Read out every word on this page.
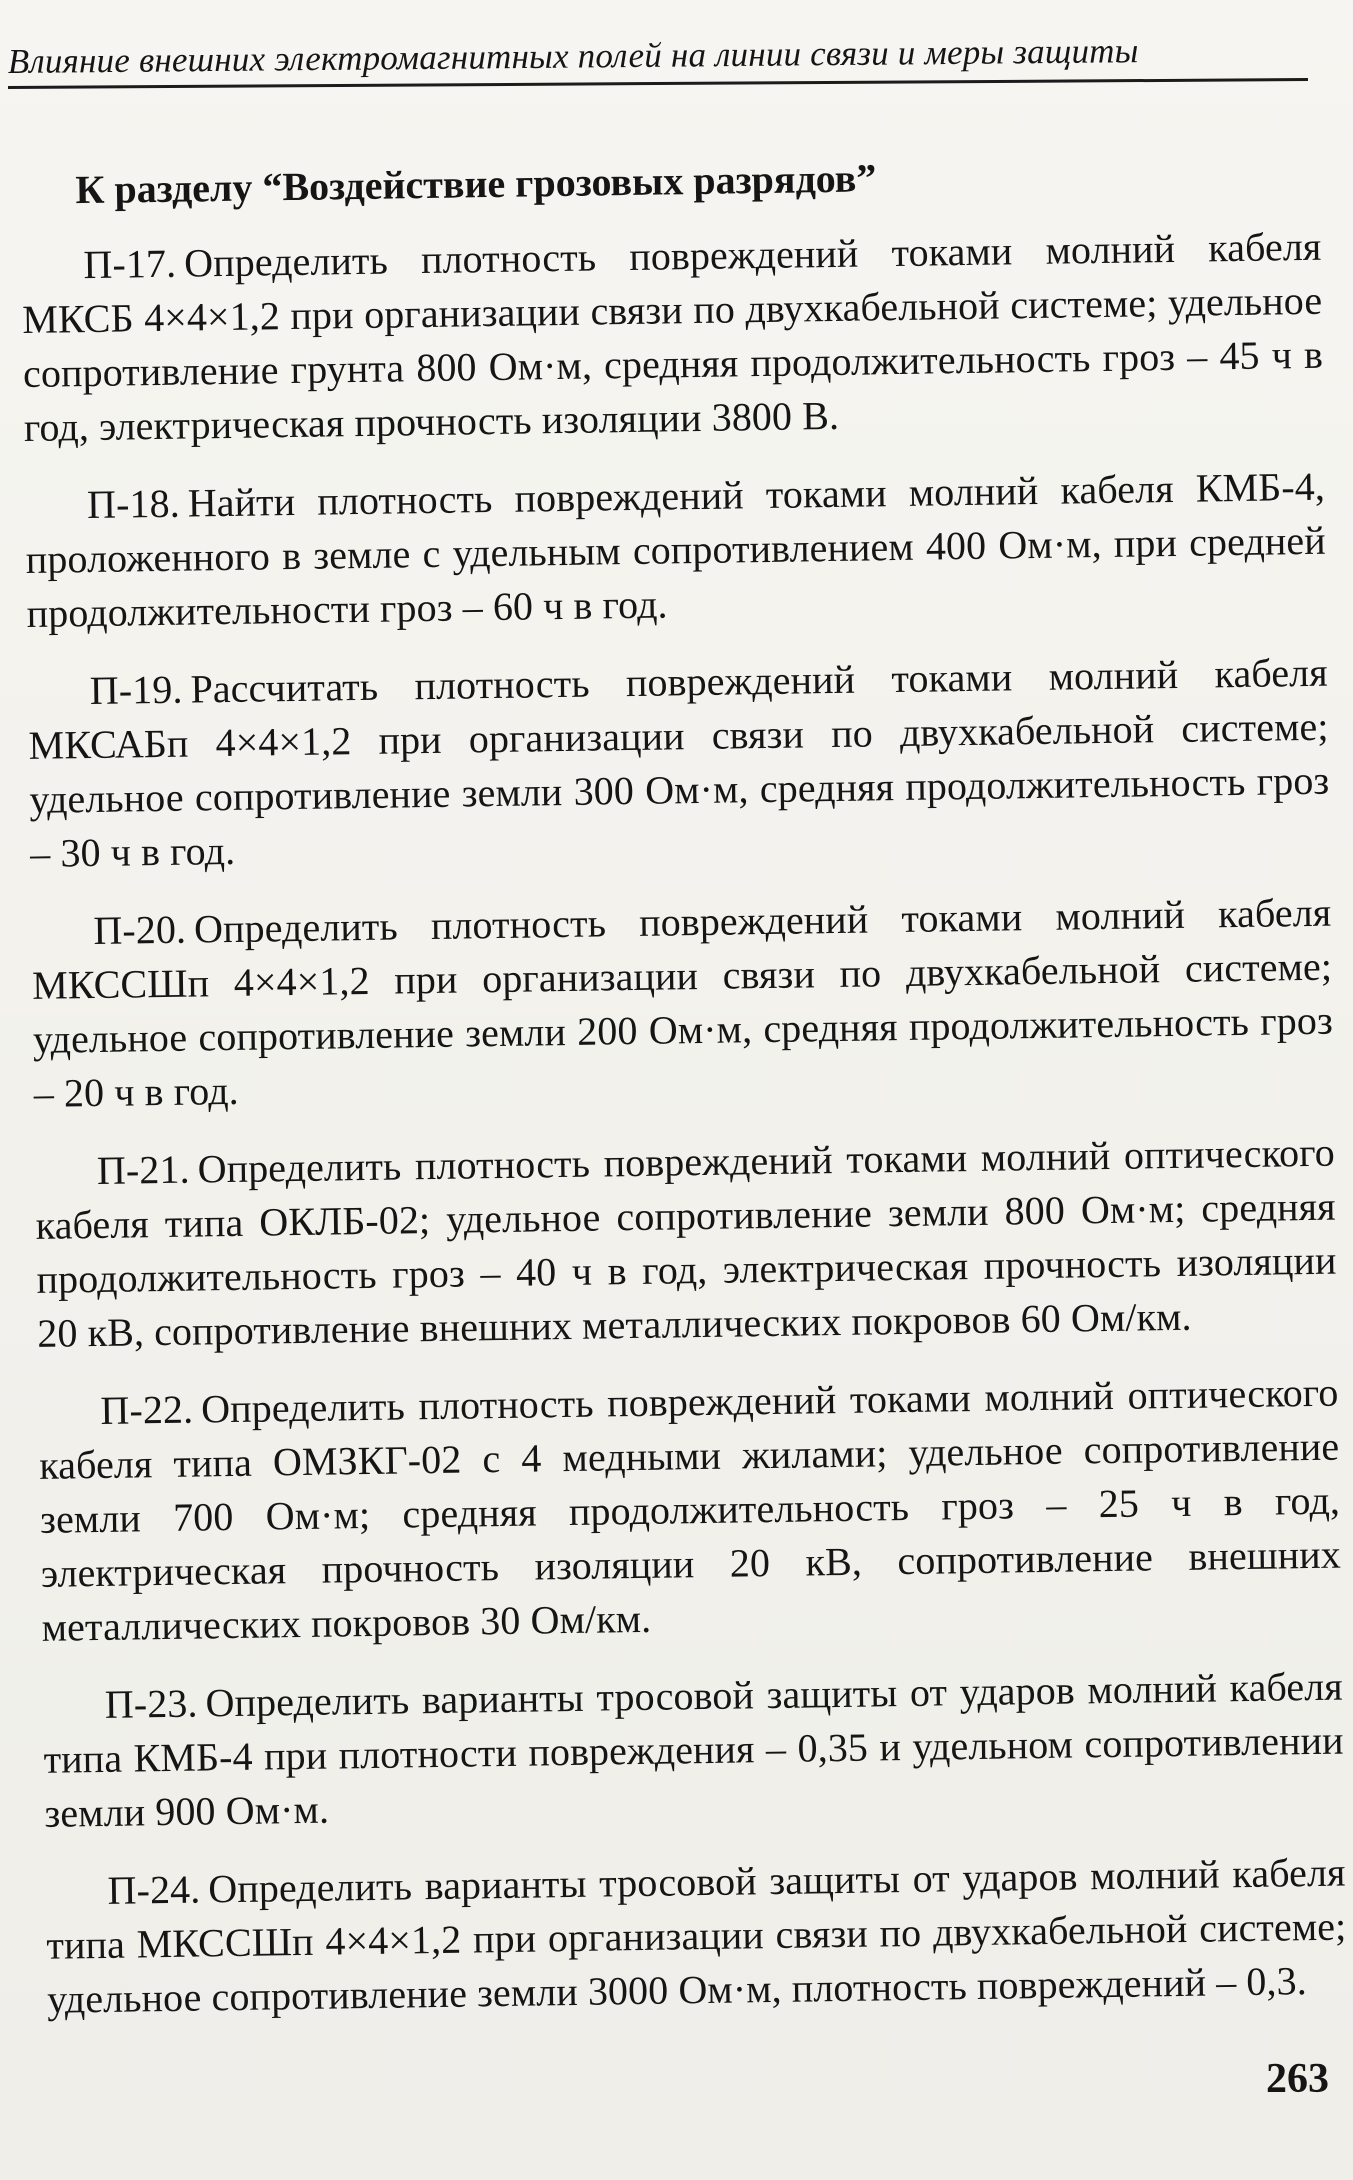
Влияние внешних электромагнитных полей на линии связи и меры защиты
К разделу “Воздействие грозовых разрядов”

П-17. Определить плотность повреждений токами молний кабеля МКСБ 4×4×1,2 при организации связи по двухкабельной системе; удельное сопротивление грунта 800 Ом·м, средняя продолжительность гроз – 45 ч в год, электрическая прочность изоляции 3800 В.

П-18. Найти плотность повреждений токами молний кабеля КМБ-4, проложенного в земле с удельным сопротивлением 400 Ом·м, при средней продолжительности гроз – 60 ч в год.

П-19. Рассчитать плотность повреждений токами молний кабеля МКСАБп 4×4×1,2 при организации связи по двухкабельной системе; удельное сопротивление земли 300 Ом·м, средняя продолжительность гроз – 30 ч в год.

П-20. Определить плотность повреждений токами молний кабеля МКССШп 4×4×1,2 при организации связи по двухкабельной системе; удельное сопротивление земли 200 Ом·м, средняя продолжительность гроз – 20 ч в год.

П-21. Определить плотность повреждений токами молний оптического кабеля типа ОКЛБ-02; удельное сопротивление земли 800 Ом·м; средняя продолжительность гроз – 40 ч в год, электрическая прочность изоляции 20 кВ, сопротивление внешних металлических покровов 60 Ом/км.

П-22. Определить плотность повреждений токами молний оптического кабеля типа ОМЗКГ-02 с 4 медными жилами; удельное сопротивление земли 700 Ом·м; средняя продолжительность гроз – 25 ч в год, электрическая прочность изоляции 20 кВ, сопротивление внешних металлических покровов 30 Ом/км.

П-23. Определить варианты тросовой защиты от ударов молний кабеля типа КМБ-4 при плотности повреждения – 0,35 и удельном сопротивлении земли 900 Ом·м.

П-24. Определить варианты тросовой защиты от ударов молний кабеля типа МКССШп 4×4×1,2 при организации связи по двухкабельной системе; удельное сопротивление земли 3000 Ом·м, плотность повреждений – 0,3.

263
